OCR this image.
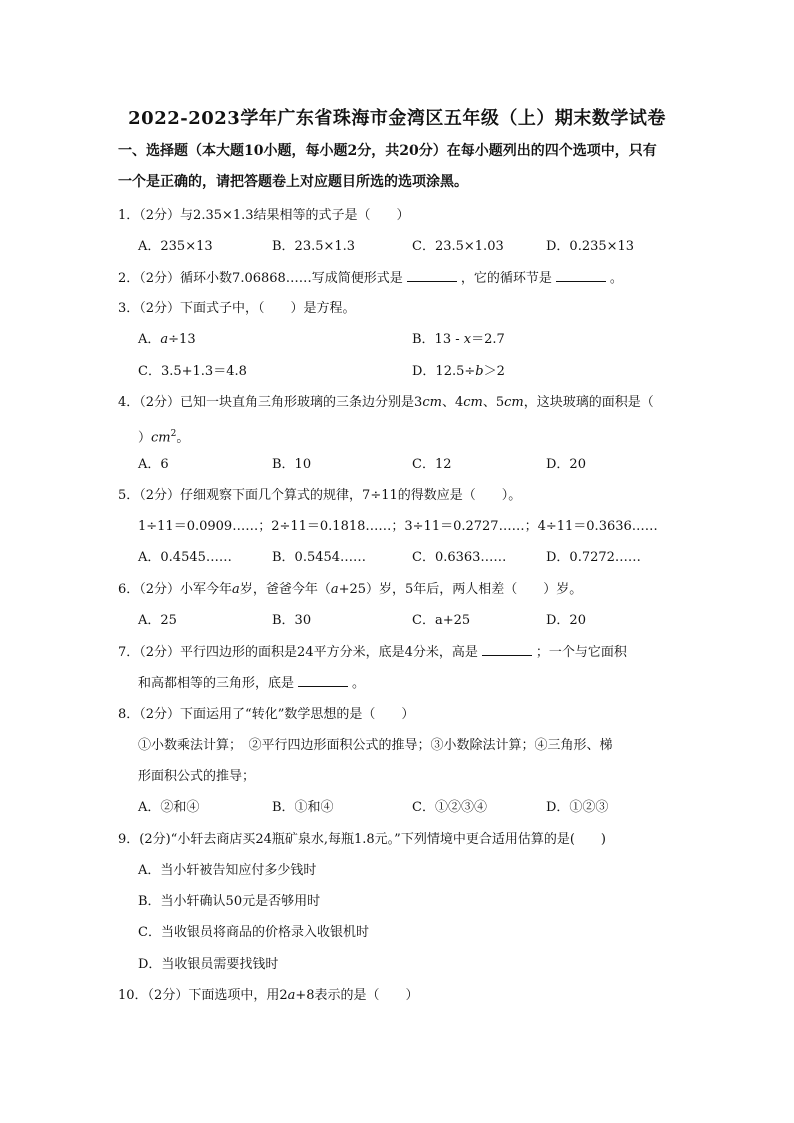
2022-2023学年广东省珠海市金湾区五年级（上）期末数学试卷
一、选择题（本大题10小题，每小题2分，共20分）在每小题列出的四个选项中，只有
一个是正确的，请把答题卷上对应题目所选的选项涂黑。
1．（2分）与2.35×1.3结果相等的式子是（　　）
A．235×13	B．23.5×1.3	C．23.5×1.03	D．0.235×13
2．（2分）循环小数7.06868……写成简便形式是	，它的循环节是	。
3．（2分）下面式子中，（　　）是方程。
A．a÷13	B．13 - x＝2.7
C．3.5+1.3＝4.8	D．12.5÷b＞2
4．（2分）已知一块直角三角形玻璃的三条边分别是3cm、4cm、5cm，这块玻璃的面积是（
）$cm^2$。
A．6	B．10	C．12	D．20
5．（2分）仔细观察下面几个算式的规律，7÷11的得数应是（　　）。
1÷11＝0.0909……；2÷11＝0.1818……；3÷11＝0.2727……；4÷11＝0.3636……
A．0.4545……	B．0.5454……	C．0.6363……	D．0.7272……
6．（2分）小军今年a岁，爸爸今年（a+25）岁，5年后，两人相差（　　）岁。
A．25	B．30	C．a+25	D．20
7．（2分）平行四边形的面积是24平方分米，底是4分米，高是	；一个与它面积
和高都相等的三角形，底是	。
8．（2分）下面运用了“转化”数学思想的是（　　）
①小数乘法计算；　②平行四边形面积公式的推导；③小数除法计算；④三角形、梯
形面积公式的推导；
A．②和④	B．①和④	C．①②③④	D．①②③
9．(2分)“小轩去商店买24瓶矿泉水,每瓶1.8元。”下列情境中更合适用估算的是(　　)
A．当小轩被告知应付多少钱时
B．当小轩确认50元是否够用时
C．当收银员将商品的价格录入收银机时
D．当收银员需要找钱时
10．（2分）下面选项中，用2a+8表示的是（　　）
